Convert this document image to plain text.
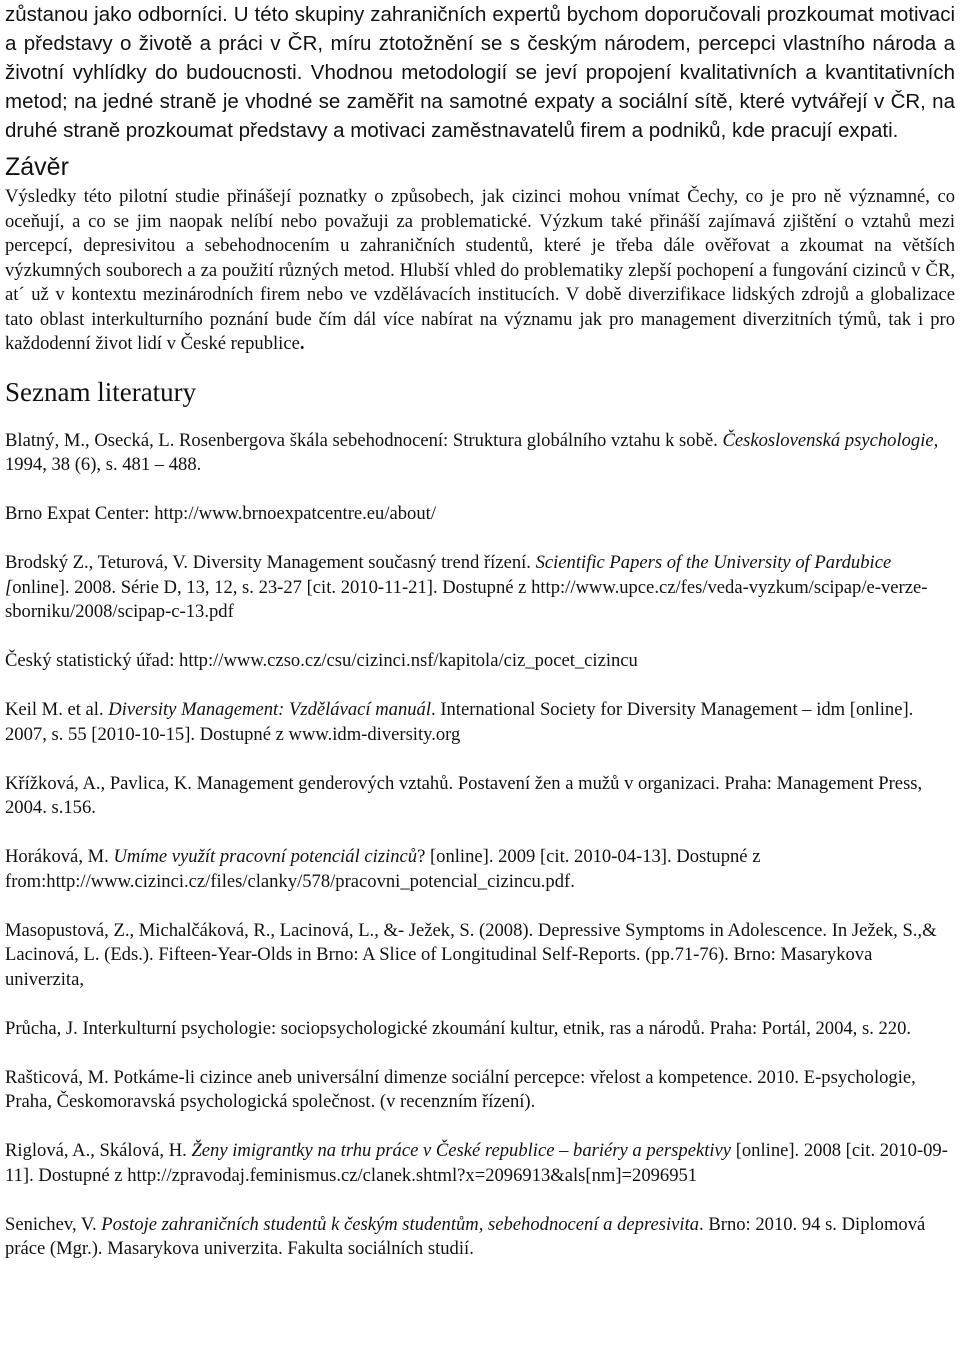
zůstanou jako odborníci. U této skupiny zahraničních expertů bychom doporučovali prozkoumat motivaci a představy o životě a práci v ČR, míru ztotožnění se s českým národem, percepci vlastního národa a životní vyhlídky do budoucnosti. Vhodnou metodologií se jeví propojení kvalitativních a kvantitativních metod; na jedné straně je vhodné se zaměřit na samotné expaty a sociální sítě, které vytvářejí v ČR, na druhé straně prozkoumat představy a motivaci zaměstnavatelů firem a podniků, kde pracují expati.

Závěr

Výsledky této pilotní studie přinášejí poznatky o způsobech, jak cizinci mohou vnímat Čechy, co je pro ně významné, co oceňují, a co se jim naopak nelíbí nebo považuji za problematické. Výzkum také přináší zajímavá zjištění o vztahů mezi percepcí, depresivitou a sebehodnocením u zahraničních studentů, které je třeba dále ověřovat a zkoumat na větších výzkumných souborech a za použití různých metod. Hlubší vhled do problematiky zlepší pochopení a fungování cizinců v ČR, at´ už v kontextu mezinárodních firem nebo ve vzdělávacích institucích. V době diverzifikace lidských zdrojů a globalizace tato oblast interkulturního poznání bude čím dál více nabírat na významu jak pro management diverzitních týmů, tak i pro každodenní život lidí v České republice.

Seznam literatury

Blatný, M., Osecká, L. Rosenbergova škála sebehodnocení: Struktura globálního vztahu k sobě. Československá psychologie, 1994, 38 (6), s. 481 – 488.

Brno Expat Center: http://www.brnoexpatcentre.eu/about/

Brodský Z., Teturová, V. Diversity Management současný trend řízení. Scientific Papers of the University of Pardubice [online]. 2008. Série D, 13, 12, s. 23-27 [cit. 2010-11-21]. Dostupné z http://www.upce.cz/fes/veda-vyzkum/scipap/e-verze-sborniku/2008/scipap-c-13.pdf

Český statistický úřad: http://www.czso.cz/csu/cizinci.nsf/kapitola/ciz_pocet_cizincu

Keil M. et al. Diversity Management: Vzdělávací manuál. International Society for Diversity Management – idm [online]. 2007, s. 55 [2010-10-15]. Dostupné z www.idm-diversity.org

Křížková, A., Pavlica, K. Management genderových vztahů. Postavení žen a mužů v organizaci. Praha: Management Press, 2004. s.156.

Horáková, M. Umíme využít pracovní potenciál cizinců? [online]. 2009 [cit. 2010-04-13]. Dostupné z from:http://www.cizinci.cz/files/clanky/578/pracovni_potencial_cizincu.pdf.

Masopustová, Z., Michalčáková, R., Lacinová, L., &- Ježek, S. (2008). Depressive Symptoms in Adolescence. In Ježek, S.,& Lacinová, L. (Eds.). Fifteen-Year-Olds in Brno: A Slice of Longitudinal Self-Reports. (pp.71-76). Brno: Masarykova univerzita,

Průcha, J. Interkulturní psychologie: sociopsychologické zkoumání kultur, etnik, ras a národů. Praha: Portál, 2004, s. 220.

Rašticová, M. Potkáme-li cizince aneb universální dimenze sociální percepce: vřelost a kompetence. 2010. E-psychologie, Praha, Českomoravská psychologická společnost. (v recenzním řízení).

Riglová, A., Skálová, H. Ženy imigrantky na trhu práce v České republice – bariéry a perspektivy [online]. 2008 [cit. 2010-09-11]. Dostupné z http://zpravodaj.feminismus.cz/clanek.shtml?x=2096913&als[nm]=2096951

Senichev, V. Postoje zahraničních studentů k českým studentům, sebehodnocení a depresivita. Brno: 2010. 94 s. Diplomová práce (Mgr.). Masarykova univerzita. Fakulta sociálních studií.
